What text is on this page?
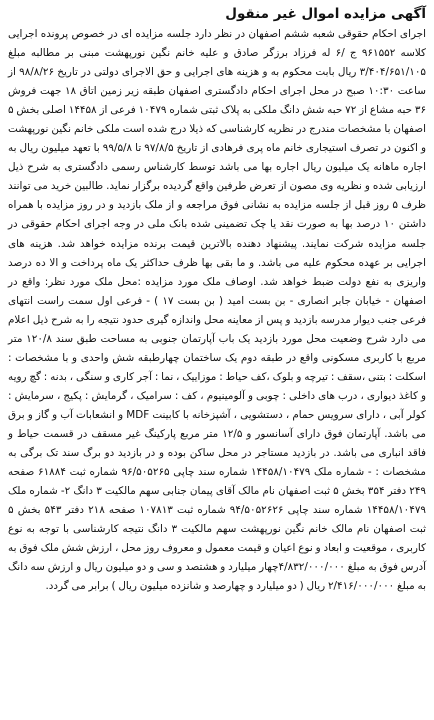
آگهی مزایده اموال غیر منقول

اجرای احکام حقوقی شعبه ششم اصفهان در نظر دارد جلسه مزایده ای در خصوص پرونده اجرایی کلاسه ۹۶۱۵۵۲ ج /۶ له فرزاد برزگر صادق و علیه خانم نگین نورپهشت مبنی بر مطالبه مبلغ ۳/۴۰۴/۶۵۱/۱۰۵ ریال بابت محکوم به و هزینه های اجرایی و حق الاجرای دولتی در تاریخ ۹۸/۸/۲۶ از ساعت ۱۰:۳۰ صبح در محل اجرای احکام دادگستری اصفهان طبقه زیر زمین اتاق ۱۸ جهت فروش ۳۶ حبه مشاع از ۷۲ حبه شش دانگ ملکی به پلاک ثبتی شماره ۱۰۴۷۹ فرعی از ۱۴۴۵۸ اصلی بخش ۵ اصفهان با مشخصات مندرج در نظریه کارشناسی که ذیلا درج شده است ملکی خانم نگین نورپهشت و اکنون در تصرف استیجاری خانم ماه پری فرهادی از تاریخ ۹۷/۸/۵ تا ۹۹/۵/۸ با تعهد میلیون ریال به اجاره ماهانه یک میلیون ریال اجاره بها می باشد توسط کارشناس رسمی دادگستری به شرح ذیل ارزیابی شده و نظریه وی مصون از تعرض طرفین واقع گردیده برگزار نماید. طالبین خرید می توانند ظرف ۵ روز قبل از جلسه مزایده به نشانی فوق مراجعه و از ملک بازدید و در روز مزایده با همراه داشتن ۱۰ درصد بها به صورت نقد یا چک تضمینی شده بانک ملی در وجه اجرای احکام حقوقی در جلسه مزایده شرکت نمایند. پیشنهاد دهنده بالاترین قیمت برنده مزایده خواهد شد. هزینه های اجرایی بر عهده محکوم علیه می باشد. و ما بقی بها ظرف حداکثر یک ماه پرداخت و الا ده درصد واریزی به نفع دولت ضبط خواهد شد. اوصاف ملک مورد مزایده :محل ملک مورد نظر: واقع در اصفهان - خیابان جابر انصاری - بن بست امید ( بن بست ۱۷ ) - فرعی اول سمت راست انتهای فرعی جنب دیوار مدرسه بازدید و پس از معاینه محل واندازه گیری حدود نتیجه را به شرح ذیل اعلام می دارد شرح وضعیت محل مورد بازدید یک باب آپارتمان جنوبی به مساحت طبق سند ۱۲۰/۸ متر مربع با کاربری مسکونی واقع در طبقه دوم یک ساختمان چهارطبقه شش واحدی و با مشخصات : اسکلت : بتنی ،سقف : تیرچه و بلوک ،کف حیاط : موزاییک ، نما : آجر کاری و سنگی ، بدنه : گچ رویه و کاغذ دیواری ، درب های داخلی : چوبی و آلومینیوم ، کف : سرامیک ، گرمایش : پکیج ، سرمایش : کولر آبی ، دارای سرویس حمام ، دستشویی ، آشپزخانه با کابینت MDF و انشعابات آب و گاز و برق می باشد. آپارتمان فوق دارای آسانسور و ۱۲/۵ متر مربع پارکینگ غیر مسقف در قسمت حیاط و فاقد انباری می باشد. در بازدید مستاجر در محل ساکن بوده و در بازدید دو برگ سند تک برگی به مشخصات : - شماره ملک ۱۴۴۵۸/۱۰۴۷۹ شماره سند چاپی ۹۶/۵۰۵۲۶۵ شماره ثبت ۶۱۸۸۴ صفحه ۲۴۹ دفتر ۳۵۴ بخش ۵ ثبت اصفهان نام مالک آقای پیمان جنابی سهم مالکیت ۳ دانگ ۲- شماره ملک ۱۴۴۵۸/۱۰۴۷۹ شماره سند چاپی ۹۴/۵۰۵۲۶۲۶ شماره ثبت ۱۰۷۸۱۳ صفحه ۲۱۸ دفتر ۵۴۳ بخش ۵ ثبت اصفهان نام مالک خانم نگین نورپهشت سهم مالکیت ۳ دانگ نتیجه کارشناسی با توجه به نوع کاربری ، موقعیت و ابعاد و نوع اعیان و قیمت معمول و معروف روز محل ، ارزش شش ملک فوق به آدرس فوق به مبلغ ۴/۸۳۲/۰۰۰/۰۰۰چهار میلیارد و هشتصد و سی و دو میلیون ریال و ارزش سه دانگ به مبلغ ۲/۴۱۶/۰۰۰/۰۰۰ ریال ( دو میلیارد و چهارصد و شانزده میلیون ریال ) برابر می گردد.
